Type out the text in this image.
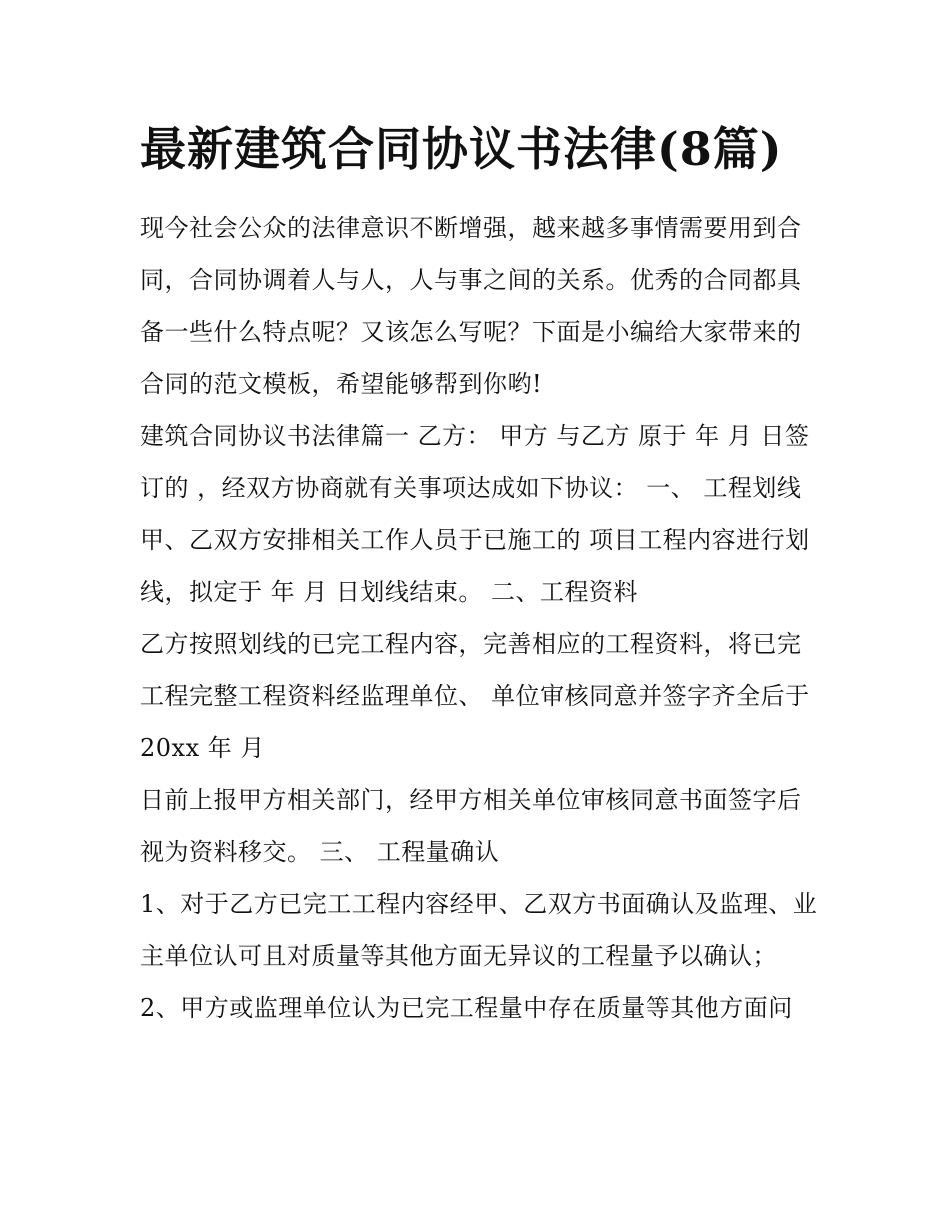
最新建筑合同协议书法律(8篇)

现今社会公众的法律意识不断增强，越来越多事情需要用到合同，合同协调着人与人，人与事之间的关系。优秀的合同都具备一些什么特点呢？又该怎么写呢？下面是小编给大家带来的合同的范文模板，希望能够帮到你哟!

建筑合同协议书法律篇一 乙方： 甲方 与乙方 原于 年 月 日签订的 ，经双方协商就有关事项达成如下协议： 一、 工程划线 甲、乙双方安排相关工作人员于已施工的 项目工程内容进行划线，拟定于 年 月 日划线结束。 二、工程资料

乙方按照划线的已完工程内容，完善相应的工程资料，将已完工程完整工程资料经监理单位、 单位审核同意并签字齐全后于 20xx 年 月

日前上报甲方相关部门，经甲方相关单位审核同意书面签字后视为资料移交。 三、 工程量确认

1、对于乙方已完工工程内容经甲、乙双方书面确认及监理、业主单位认可且对质量等其他方面无异议的工程量予以确认；

2、甲方或监理单位认为已完工程量中存在质量等其他方面问
